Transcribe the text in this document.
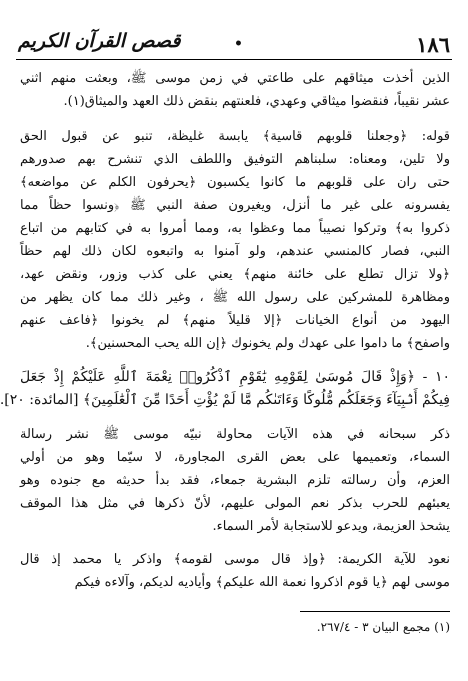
١٨٦
•
قصص القرآن الكريم
الذين أخذت ميثاقهم على طاعتي في زمن موسى ﷺ، وبعثت منهم اثني
عشر نقيباً، فنقضوا ميثاقي وعهدي، فلعنتهم بنقض ذلك العهد والميثاق(١).
قوله: ﴿وجعلنا قلوبهم قاسية﴾ يابسة غليظة، تنبو عن قبول الحق
ولا تلين، ومعناه: سلبناهم التوفيق واللطف الذي تنشرح بهم صدورهم
حتى ران على قلوبهم ما كانوا يكسبون ﴿يحرفون الكلم عن مواضعه﴾
يفسرونه على غير ما أنزل، ويغيرون صفة النبي ﷺ ﴿ونسوا حظاً مما
ذكروا به﴾ وتركوا نصيباً مما وعظوا به، ومما أمروا به في كتابهم من اتباع
النبي، فصار كالمنسي عندهم، ولو آمنوا به واتبعوه لكان ذلك لهم حظاً
﴿ولا تزال تطلع على خائنة منهم﴾ يعني على كذب وزور، ونقض عهد،
ومظاهرة للمشركين على رسول الله ﷺ ، وغير ذلك مما كان يظهر من
اليهود من أنواع الخيانات ﴿إلا قليلاً منهم﴾ لم يخونوا ﴿فاعف عنهم
واصفح﴾ ما داموا على عهدك ولم يخونوك ﴿إن الله يحب المحسنين﴾.
١٠ - ﴿وَإِذْ قَالَ مُوسَىٰ لِقَوْمِهِ يَٰقَوْمِ ٱذْكُرُوا۟ نِعْمَةَ ٱللَّهِ عَلَيْكُمْ إِذْ جَعَلَ
فِيكُمْ أَنۢبِيَآءَ وَجَعَلَكُم مُّلُوكًا وَءَاتَىٰكُم مَّا لَمْ يُؤْتِ أَحَدًا مِّنَ ٱلْعَٰلَمِينَ﴾ [المائدة: ٢٠].
ذكر سبحانه في هذه الآيات محاولة نبيّه موسى ﷺ نشر رسالة
السماء، وتعميمها على بعض القرى المجاورة، لا سيّما وهو من أولي
العزم، وأن رسالته تلزم البشرية جمعاء، فقد بدأ حديثه مع جنوده وهو
يعبئهم للحرب بذكر نعم المولى عليهم، لأنّ ذكرها في مثل هذا الموقف
يشحذ العزيمة، ويدعو للاستجابة لأمر السماء.
نعود للآية الكريمة: ﴿وإذ قال موسى لقومه﴾ واذكر يا محمد إذ قال
موسى لهم ﴿يا قوم اذكروا نعمة الله عليكم﴾ وأياديه لديكم، وآلاءه فيكم
(١) مجمع البيان ٣ - ٢٦٧/٤.
